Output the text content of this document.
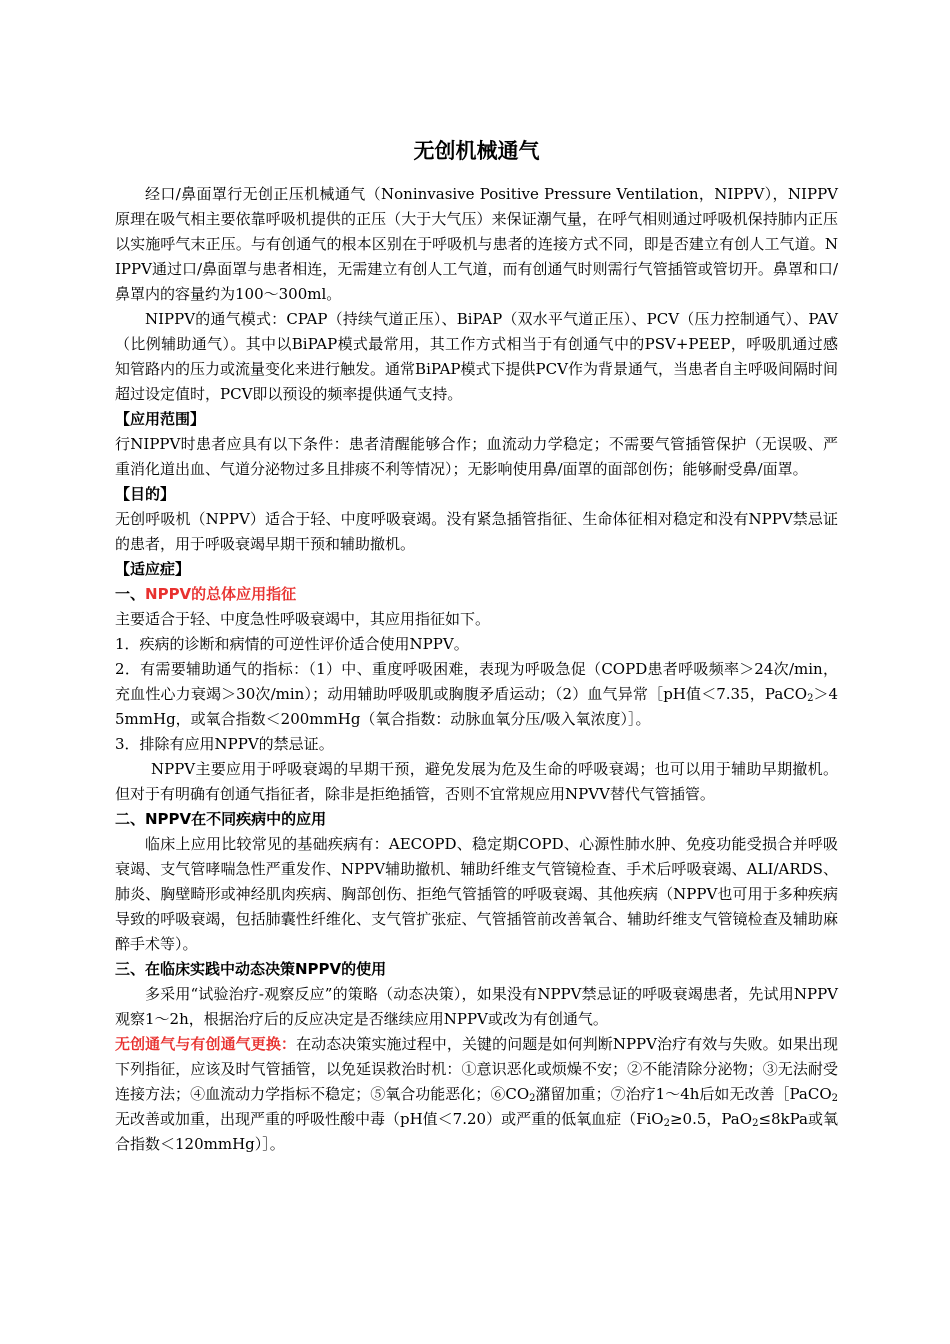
无创机械通气

经口/鼻面罩行无创正压机械通气（Noninvasive Positive Pressure Ventilation，NIPPV），NIPPV原理在吸气相主要依靠呼吸机提供的正压（大于大气压）来保证潮气量，在呼气相则通过呼吸机保持肺内正压以实施呼气末正压。与有创通气的根本区别在于呼吸机与患者的连接方式不同，即是否建立有创人工气道。NIPPV通过口/鼻面罩与患者相连，无需建立有创人工气道，而有创通气时则需行气管插管或管切开。鼻罩和口/鼻罩内的容量约为100～300ml。

NIPPV的通气模式：CPAP（持续气道正压）、BiPAP（双水平气道正压）、PCV（压力控制通气）、PAV（比例辅助通气）。其中以BiPAP模式最常用，其工作方式相当于有创通气中的PSV+PEEP，呼吸肌通过感知管路内的压力或流量变化来进行触发。通常BiPAP模式下提供PCV作为背景通气，当患者自主呼吸间隔时间超过设定值时，PCV即以预设的频率提供通气支持。

【应用范围】

行NIPPV时患者应具有以下条件：患者清醒能够合作；血流动力学稳定；不需要气管插管保护（无误吸、严重消化道出血、气道分泌物过多且排痰不利等情况）；无影响使用鼻/面罩的面部创伤；能够耐受鼻/面罩。

【目的】

无创呼吸机（NPPV）适合于轻、中度呼吸衰竭。没有紧急插管指征、生命体征相对稳定和没有NPPV禁忌证的患者，用于呼吸衰竭早期干预和辅助撤机。

【适应症】

一、NPPV的总体应用指征

主要适合于轻、中度急性呼吸衰竭中，其应用指征如下。

1．疾病的诊断和病情的可逆性评价适合使用NPPV。

2．有需要辅助通气的指标：（1）中、重度呼吸困难，表现为呼吸急促（COPD患者呼吸频率＞24次/min，充血性心力衰竭＞30次/min）；动用辅助呼吸肌或胸腹矛盾运动；（2）血气异常［pH值＜7.35，PaCO$_2$＞45mmHg，或氧合指数＜200mmHg（氧合指数：动脉血氧分压/吸入氧浓度）］。

3．排除有应用NPPV的禁忌证。

NPPV主要应用于呼吸衰竭的早期干预，避免发展为危及生命的呼吸衰竭；也可以用于辅助早期撤机。但对于有明确有创通气指征者，除非是拒绝插管，否则不宜常规应用NPVV替代气管插管。

二、NPPV在不同疾病中的应用

临床上应用比较常见的基础疾病有：AECOPD、稳定期COPD、心源性肺水肿、免疫功能受损合并呼吸衰竭、支气管哮喘急性严重发作、NPPV辅助撤机、辅助纤维支气管镜检查、手术后呼吸衰竭、ALI/ARDS、肺炎、胸壁畸形或神经肌肉疾病、胸部创伤、拒绝气管插管的呼吸衰竭、其他疾病（NPPV也可用于多种疾病导致的呼吸衰竭，包括肺囊性纤维化、支气管扩张症、气管插管前改善氧合、辅助纤维支气管镜检查及辅助麻醉手术等）。

三、在临床实践中动态决策NPPV的使用

多采用“试验治疗-观察反应”的策略（动态决策），如果没有NPPV禁忌证的呼吸衰竭患者，先试用NPPV观察1～2h，根据治疗后的反应决定是否继续应用NPPV或改为有创通气。

无创通气与有创通气更换：在动态决策实施过程中，关键的问题是如何判断NPPV治疗有效与失败。如果出现下列指征，应该及时气管插管，以免延误救治时机：①意识恶化或烦燥不安；②不能清除分泌物；③无法耐受连接方法；④血流动力学指标不稳定；⑤氧合功能恶化；$⑥CO_2$潴留加重；⑦治疗1～4h后如无改善［PaCO$_2$无改善或加重，出现严重的呼吸性酸中毒（pH值＜7.20）或严重的低氧血症（FiO$_2$≥0.5，PaO$_2$≤8kPa或氧合指数＜120mmHg）］。
